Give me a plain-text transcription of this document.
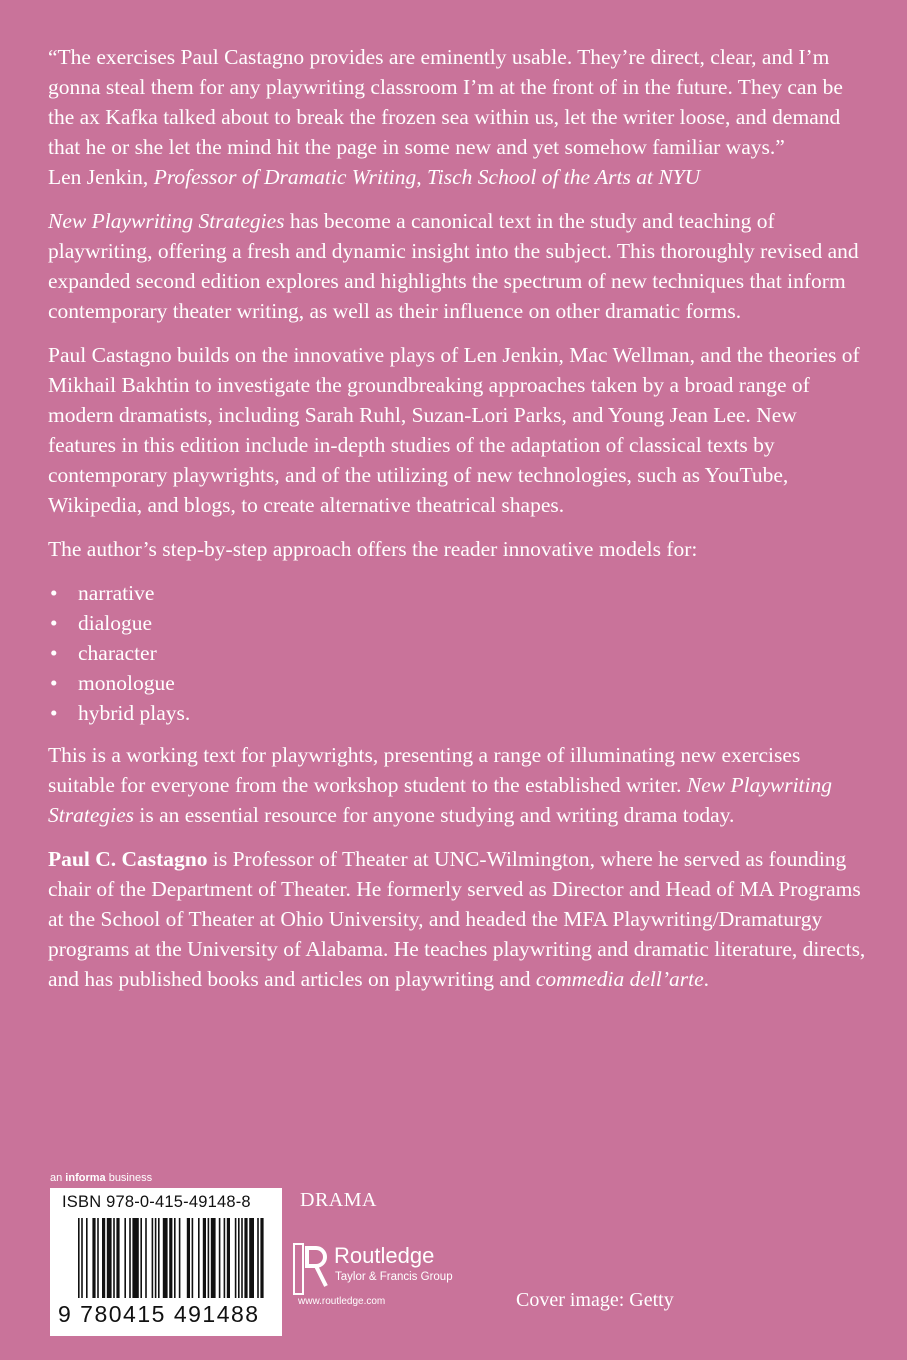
“The exercises Paul Castagno provides are eminently usable. They’re direct, clear, and I’m gonna steal them for any playwriting classroom I’m at the front of in the future. They can be the ax Kafka talked about to break the frozen sea within us, let the writer loose, and demand that he or she let the mind hit the page in some new and yet somehow familiar ways.”
Len Jenkin, Professor of Dramatic Writing, Tisch School of the Arts at NYU

New Playwriting Strategies has become a canonical text in the study and teaching of playwriting, offering a fresh and dynamic insight into the subject. This thoroughly revised and expanded second edition explores and highlights the spectrum of new techniques that inform contemporary theater writing, as well as their influence on other dramatic forms.

Paul Castagno builds on the innovative plays of Len Jenkin, Mac Wellman, and the theories of Mikhail Bakhtin to investigate the groundbreaking approaches taken by a broad range of modern dramatists, including Sarah Ruhl, Suzan-Lori Parks, and Young Jean Lee. New features in this edition include in-depth studies of the adaptation of classical texts by contemporary playwrights, and of the utilizing of new technologies, such as YouTube, Wikipedia, and blogs, to create alternative theatrical shapes.

The author’s step-by-step approach offers the reader innovative models for:

• narrative
• dialogue
• character
• monologue
• hybrid plays.

This is a working text for playwrights, presenting a range of illuminating new exercises suitable for everyone from the workshop student to the established writer. New Playwriting Strategies is an essential resource for anyone studying and writing drama today.

Paul C. Castagno is Professor of Theater at UNC-Wilmington, where he served as founding chair of the Department of Theater. He formerly served as Director and Head of MA Programs at the School of Theater at Ohio University, and headed the MFA Playwriting/Dramaturgy programs at the University of Alabama. He teaches playwriting and dramatic literature, directs, and has published books and articles on playwriting and commedia dell’arte.

an informa business
ISBN 978-0-415-49148-8
9 780415 491488
DRAMA
Routledge
Taylor & Francis Group
www.routledge.com	Cover image: Getty
